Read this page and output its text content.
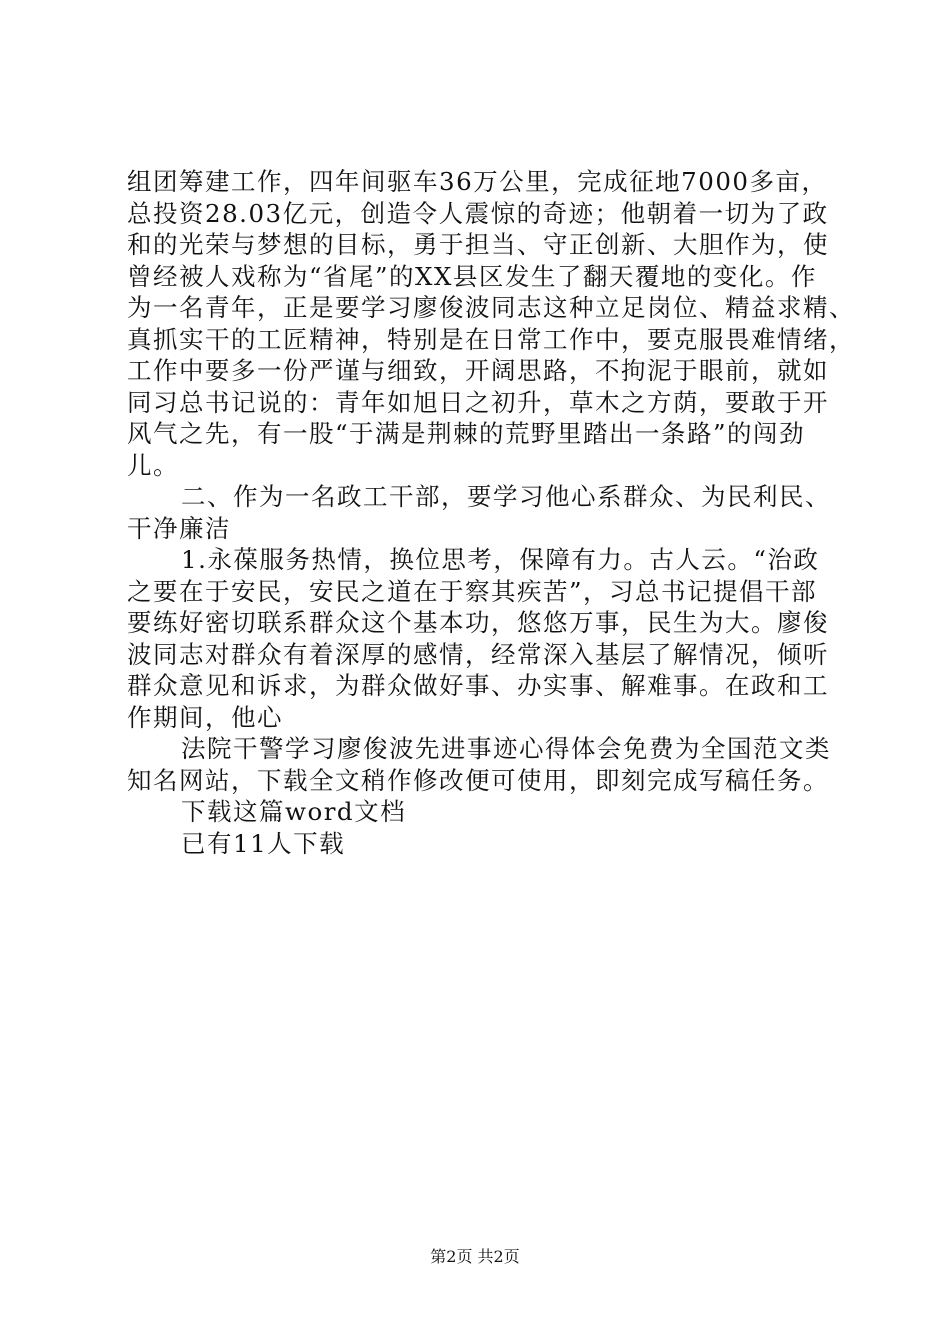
组团筹建工作，四年间驱车36万公里，完成征地7000多亩，
总投资28.03亿元，创造令人震惊的奇迹；他朝着一切为了政
和的光荣与梦想的目标，勇于担当、守正创新、大胆作为，使
曾经被人戏称为“省尾”的XX县区发生了翻天覆地的变化。作
为一名青年，正是要学习廖俊波同志这种立足岗位、精益求精、
真抓实干的工匠精神，特别是在日常工作中，要克服畏难情绪，
工作中要多一份严谨与细致，开阔思路，不拘泥于眼前，就如
同习总书记说的：青年如旭日之初升，草木之方荫，要敢于开
风气之先，有一股“于满是荆棘的荒野里踏出一条路”的闯劲
儿。
二、作为一名政工干部，要学习他心系群众、为民利民、
干净廉洁
1.永葆服务热情，换位思考，保障有力。古人云。“治政
之要在于安民，安民之道在于察其疾苦”，习总书记提倡干部
要练好密切联系群众这个基本功，悠悠万事，民生为大。廖俊
波同志对群众有着深厚的感情，经常深入基层了解情况，倾听
群众意见和诉求，为群众做好事、办实事、解难事。在政和工
作期间，他心
法院干警学习廖俊波先进事迹心得体会免费为全国范文类
知名网站，下载全文稍作修改便可使用，即刻完成写稿任务。
下载这篇word文档
已有11人下载
第2页 共2页
